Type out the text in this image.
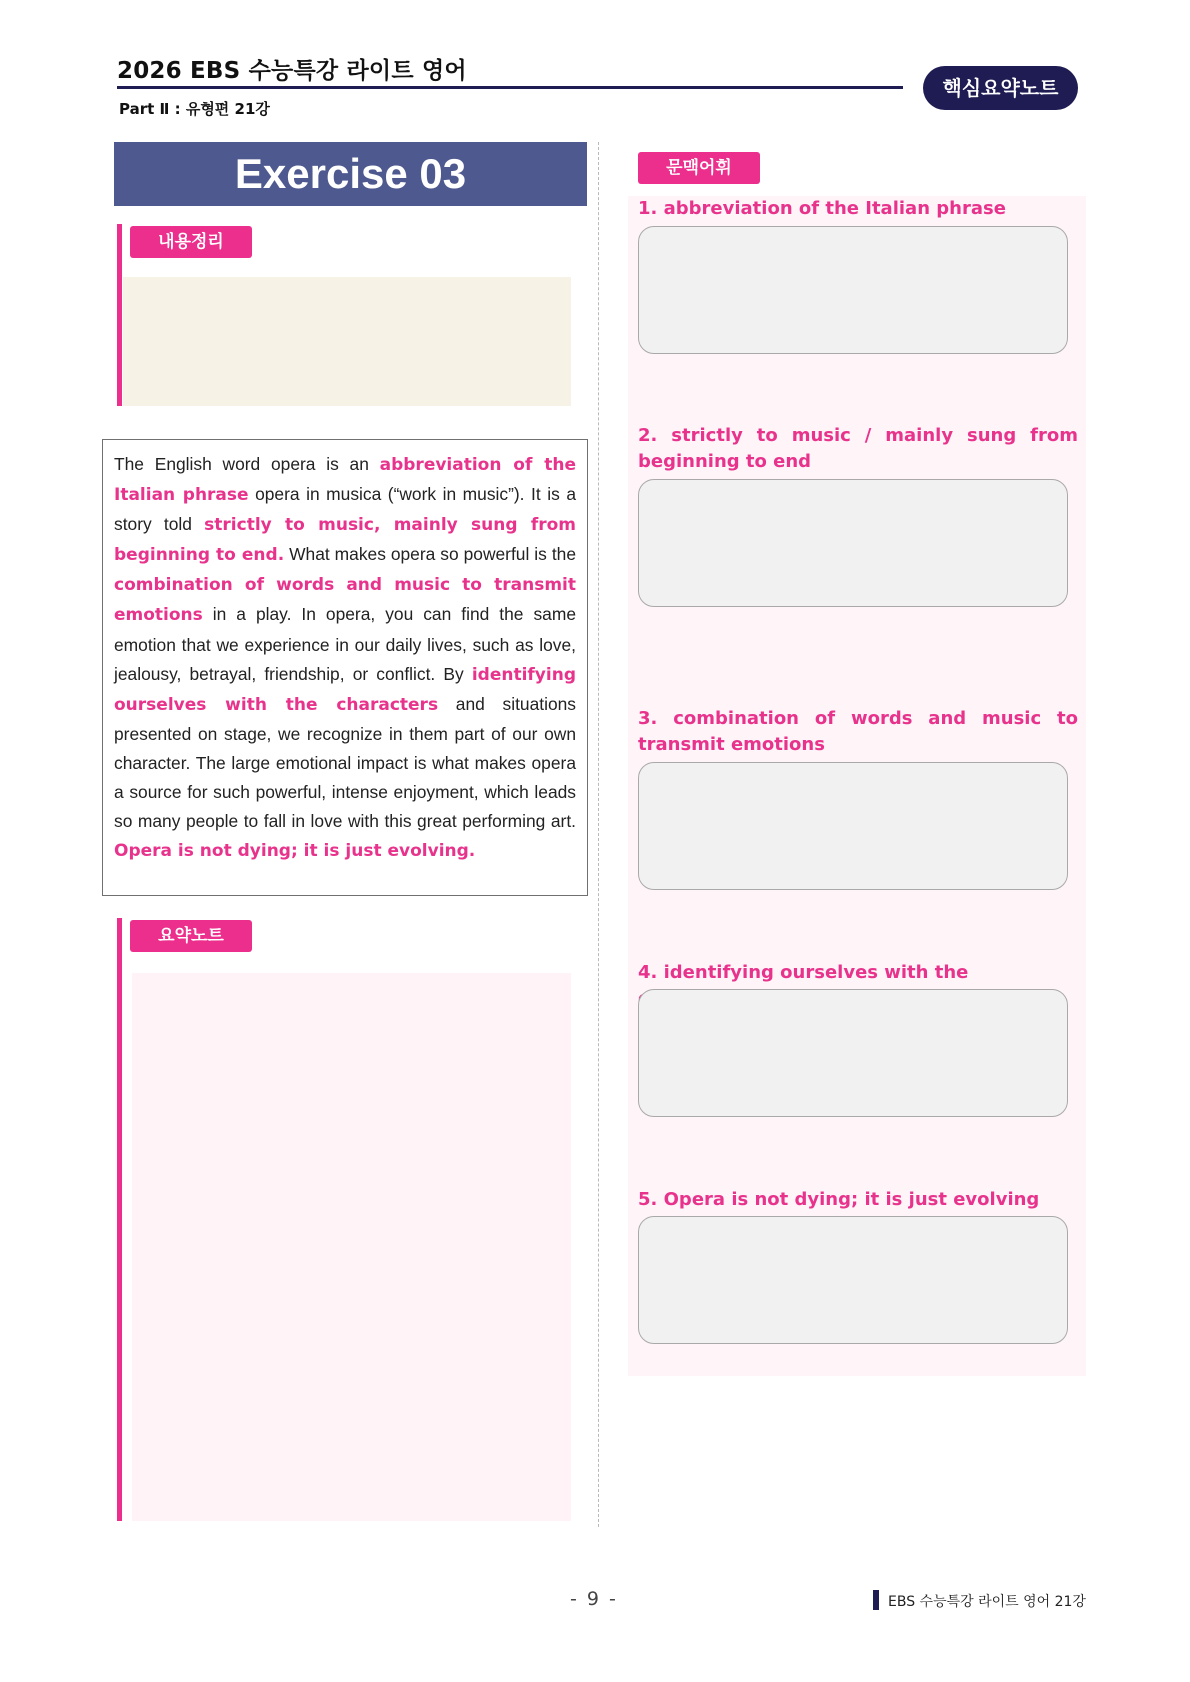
2026 EBS 수능특강 라이트 영어
Part Ⅱ : 유형편 21강
핵심요약노트
Exercise 03
내용정리

The English word opera is an abbreviation of the Italian phrase opera in musica (“work in music”). It is a story told strictly to music, mainly sung from beginning to end. What makes opera so powerful is the combination of words and music to transmit emotions in a play. In opera, you can find the same emotion that we experience in our daily lives, such as love, jealousy, betrayal, friendship, or conflict. By identifying ourselves with the characters and situations presented on stage, we recognize in them part of our own character. The large emotional impact is what makes opera a source for such powerful, intense enjoyment, which leads so many people to fall in love with this great performing art. Opera is not dying; it is just evolving.

요약노트
문맥어휘
1. abbreviation of the Italian phrase
2. strictly to music / mainly sung from beginning to end
3. combination of words and music to transmit emotions
4. identifying ourselves with the
5. Opera is not dying; it is just evolving
- 9 -	EBS 수능특강 라이트 영어 21강
